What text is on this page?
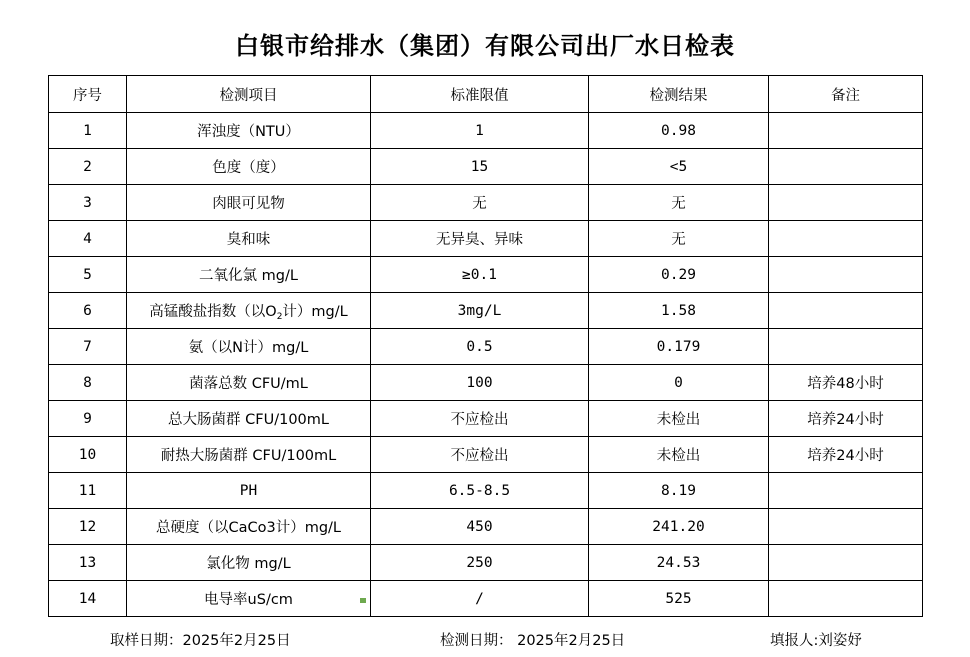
白银市给排水（集团）有限公司出厂水日检表
序号	检测项目	标准限值	检测结果	备注
1	浑浊度（NTU）	1	0.98	
2	色度（度）	15	<5	
3	肉眼可见物	无	无	
4	臭和味	无异臭、异味	无	
5	二氧化氯 mg/L	≥0.1	0.29	
6	高锰酸盐指数（以$O_2$计）mg/L	3mg/L	1.58	
7	氨（以N计）mg/L	0.5	0.179	
8	菌落总数 CFU/mL	100	0	培养48小时
9	总大肠菌群 CFU/100mL	不应检出	未检出	培养24小时
10	耐热大肠菌群 CFU/100mL	不应检出	未检出	培养24小时
11	PH	6.5-8.5	8.19	
12	总硬度（以CaCo3计）mg/L	450	241.20	
13	氯化物 mg/L	250	24.53	
14	电导率uS/cm	/	525	
取样日期：2025年2月25日	检测日期： 2025年2月25日	填报人:刘姿妤
